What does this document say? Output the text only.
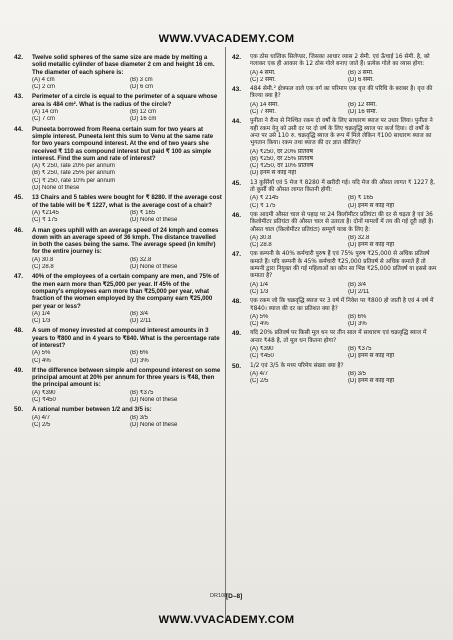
WWW.VVACADEMY.COM
42. Twelve solid spheres of the same size are made by melting a solid metallic cylinder of base diameter 2 cm and height 16 cm. The diameter of each sphere is:
(A) 4 cm	(B) 3 cm
(C) 2 cm	(D) 6 cm
43. Perimeter of a circle is equal to the perimeter of a square whose area is 484 cm². What is the radius of the circle?
(A) 14 cm	(B) 12 cm
(C) 7 cm	(D) 16 cm
44. Puneeta borrowed from Reena certain sum for two years at simple interest. Puneeta lent this sum to Venu at the same rate for two years compound interest. At the end of two years she received ₹ 110 as compound interest but paid ₹ 100 as simple interest. Find the sum and rate of interest?
(A) ₹ 250, rate 20% per annum
(B) ₹ 250, rate 25% per annum
(C) ₹ 250, rate 10% per annum
(D) None of these
45. 13 Chairs and 5 tables were bought for ₹ 8280. If the average cost of the table will be ₹ 1227, what is the average cost of a chair?
(A) ₹2145	(B) ₹ 165
(C) ₹ 175	(D) None of these
46. A man goes uphill with an average speed of 24 kmph and comes down with an average speed of 36 kmph. The distance travelled in both the cases being the same. The average speed (in km/hr) for the entire journey is:
(A) 30.8	(B) 32.8
(C) 28.8	(D) None of these
47. 40% of the employees of a certain company are men, and 75% of the men earn more than ₹25,000 per year. If 45% of the company's employees earn more than ₹25,000 per year, what fraction of the women employed by the company earn ₹25,000 per year or less?
(A) 1/4	(B) 3/4
(C) 1/3	(D) 2/11
48. A sum of money invested at compound interest amounts in 3 years to ₹800 and in 4 years to ₹840. What is the percentage rate of interest?
(A) 5%	(B) 6%
(C) 4%	(D) 3%
49. If the difference between simple and compound interest on some principal amount at 20% per annum for three years is ₹48, then the principal amount is:
(A) ₹390	(B) ₹375
(C) ₹450	(D) None of these
50. A rational number between 1/2 and 3/5 is:
(A) 4/7	(B) 3/5
(C) 2/5	(D) None of these
42. एक ठोस धात्विक सिलेण्डर, जिसका आधार व्यास 2 सेमी. एवं ऊँचाई 16 सेमी. है, को गलाकर एक ही आकार के 12 ठोस गोले बनाए जाते हैं। प्रत्येक गोले का व्यास होगा:
(A) 4 सेमी.	(B) 3 सेमी.
(C) 2 सेमी.	(D) 6 सेमी.
43. 484 सेमी.² क्षेत्रफल वाले एक वर्ग का परिमाप एक वृत्त की परिधि के बराबर है। वृत्त की त्रिज्या क्या है?
(A) 14 सेमी.	(B) 12 सेमी.
(C) 7 सेमी.	(D) 16 सेमी.
44. पुनीता ने रीना से निश्चित रकम दो वर्षों के लिए साधारण ब्याज पर उधार लिया। पुनीता ने यही रकम वेनु को उसी दर पर दो वर्ष के लिए चक्रवृद्धि ब्याज पर कर्ज दिया। दो वर्षों के अन्त पर उसे 110 रु. चक्रवृद्धि ब्याज के रूप में मिले लेकिन ₹100 साधारण ब्याज का भुगतान किया। रकम तथा ब्याज की दर ज्ञात कीजिए?
(A) ₹250, दर 20% प्रतिवर्ष
(B) ₹250, दर 25% प्रतिवर्ष
(C) ₹250, दर 10% प्रतिवर्ष
(D) इनमें से कोई नहीं
45. 13 कुर्सियाँ एवं 5 मेज ₹ 8280 में खरीदी गई। यदि मेज की औसत लागत ₹ 1227 है, तो कुर्सी की औसत लागत कितनी होगी:
(A) ₹ 2145	(B) ₹ 165
(C) ₹ 175	(D) इनमें से कोई नहीं
46. एक आदमी औसत चाल से पहाड़ पर 24 किलोमीटर प्रतिघंटा की दर से चढ़ता है एवं 36 किलोमीटर प्रतिघंटा की औसत चाल से उतरता है। दोनों मामलों में तय की गई दूरी वही है। औसत चाल (किलोमीटर प्रतिघंटा) सम्पूर्ण यात्रा के लिए है:
(A) 30.8	(B) 32.8
(C) 28.8	(D) इनमें से कोई नहीं
47. एक कम्पनी के 40% कर्मचारी पुरुष हैं एवं 75% पुरुष ₹25,000 से अधिक प्रतिवर्ष कमाते हैं। यदि कम्पनी के 45% कर्मचारी ₹25,000 प्रतिवर्ष से अधिक कमाते हैं तो कम्पनी द्वारा नियुक्त की गई महिलाओं का कौन सा भिन्न ₹25,000 प्रतिवर्ष या इससे कम कमाता है?
(A) 1/4	(B) 3/4
(C) 1/3	(D) 2/11
48. एक रकम जो कि चक्रवृद्धि ब्याज पर 3 वर्ष में निवेश पर ₹800 हो जाती है एवं 4 वर्ष में ₹840। ब्याज की दर का प्रतिशत क्या है?
(A) 5%	(B) 6%
(C) 4%	(D) 3%
49. यदि 20% प्रतिवर्ष पर किसी मूल धन पर तीन साल में साधारण एवं चक्रवृद्धि ब्याज में अन्तर ₹48 है, तो मूल धन कितना होगा?
(A) ₹390	(B) ₹375
(C) ₹450	(D) इनमें से कोई नहीं
50. 1/2 एवं 3/5 के मध्य परिमेय संख्या क्या है?
(A) 4/7	(B) 3/5
(C) 2/5	(D) इनमें से कोई नहीं
DR108
[D–8]
WWW.VVACADEMY.COM
